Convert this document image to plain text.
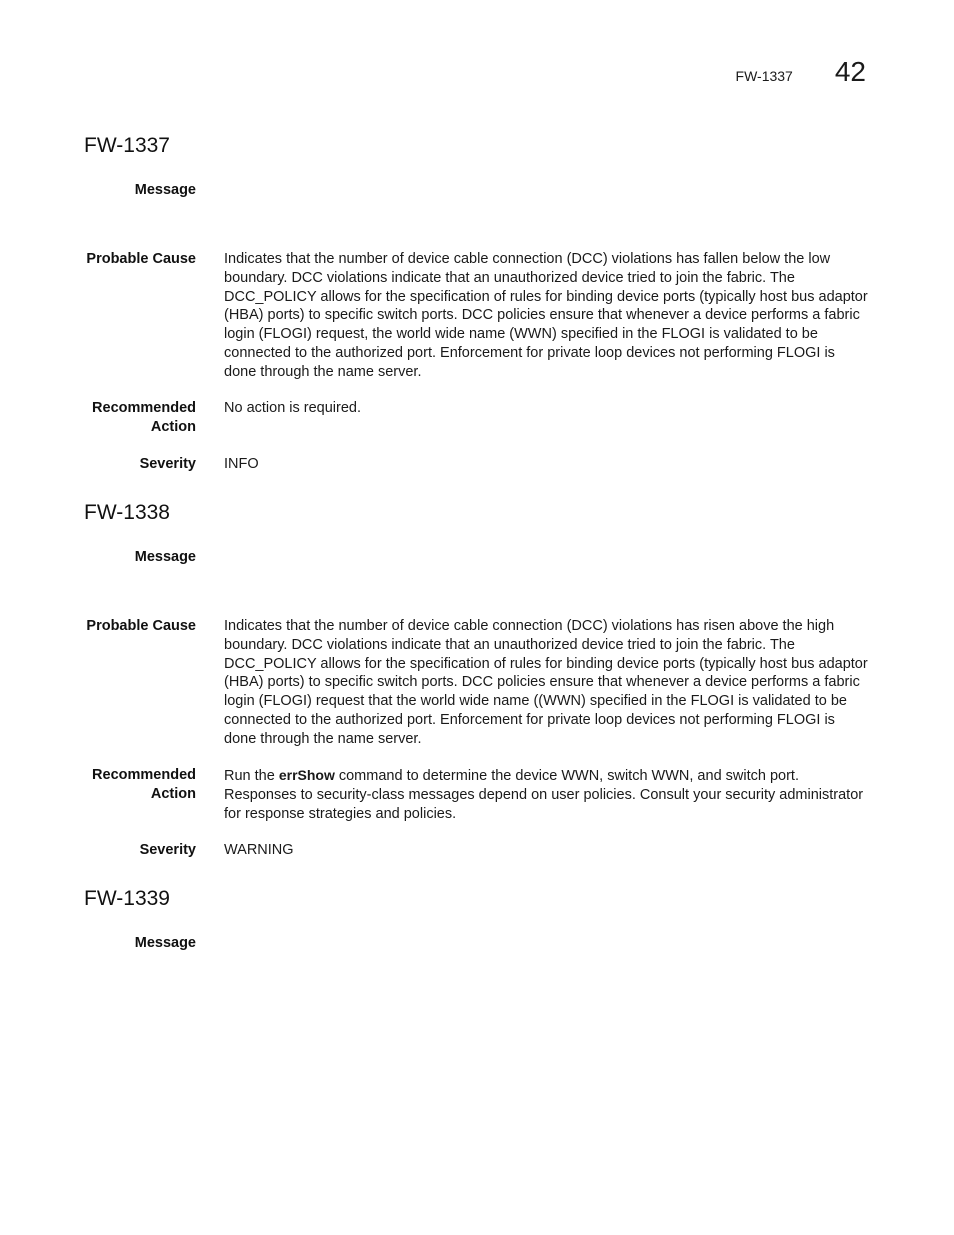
FW-1337 42
FW-1337
Message
Probable Cause Indicates that the number of device cable connection (DCC) violations has fallen below the low boundary. DCC violations indicate that an unauthorized device tried to join the fabric. The DCC_POLICY allows for the specification of rules for binding device ports (typically host bus adaptor (HBA) ports) to specific switch ports. DCC policies ensure that whenever a device performs a fabric login (FLOGI) request, the world wide name (WWN) specified in the FLOGI is validated to be connected to the authorized port. Enforcement for private loop devices not performing FLOGI is done through the name server.
Recommended
Action
No action is required.
Severity INFO
FW-1338
Message
Probable Cause Indicates that the number of device cable connection (DCC) violations has risen above the high boundary. DCC violations indicate that an unauthorized device tried to join the fabric. The DCC_POLICY allows for the specification of rules for binding device ports (typically host bus adaptor (HBA) ports) to specific switch ports. DCC policies ensure that whenever a device performs a fabric login (FLOGI) request that the world wide name ((WWN) specified in the FLOGI is validated to be connected to the authorized port. Enforcement for private loop devices not performing FLOGI is done through the name server.
Recommended
Action
Run the errShow command to determine the device WWN, switch WWN, and switch port. Responses to security-class messages depend on user policies. Consult your security administrator for response strategies and policies.
Severity WARNING
FW-1339
Message
